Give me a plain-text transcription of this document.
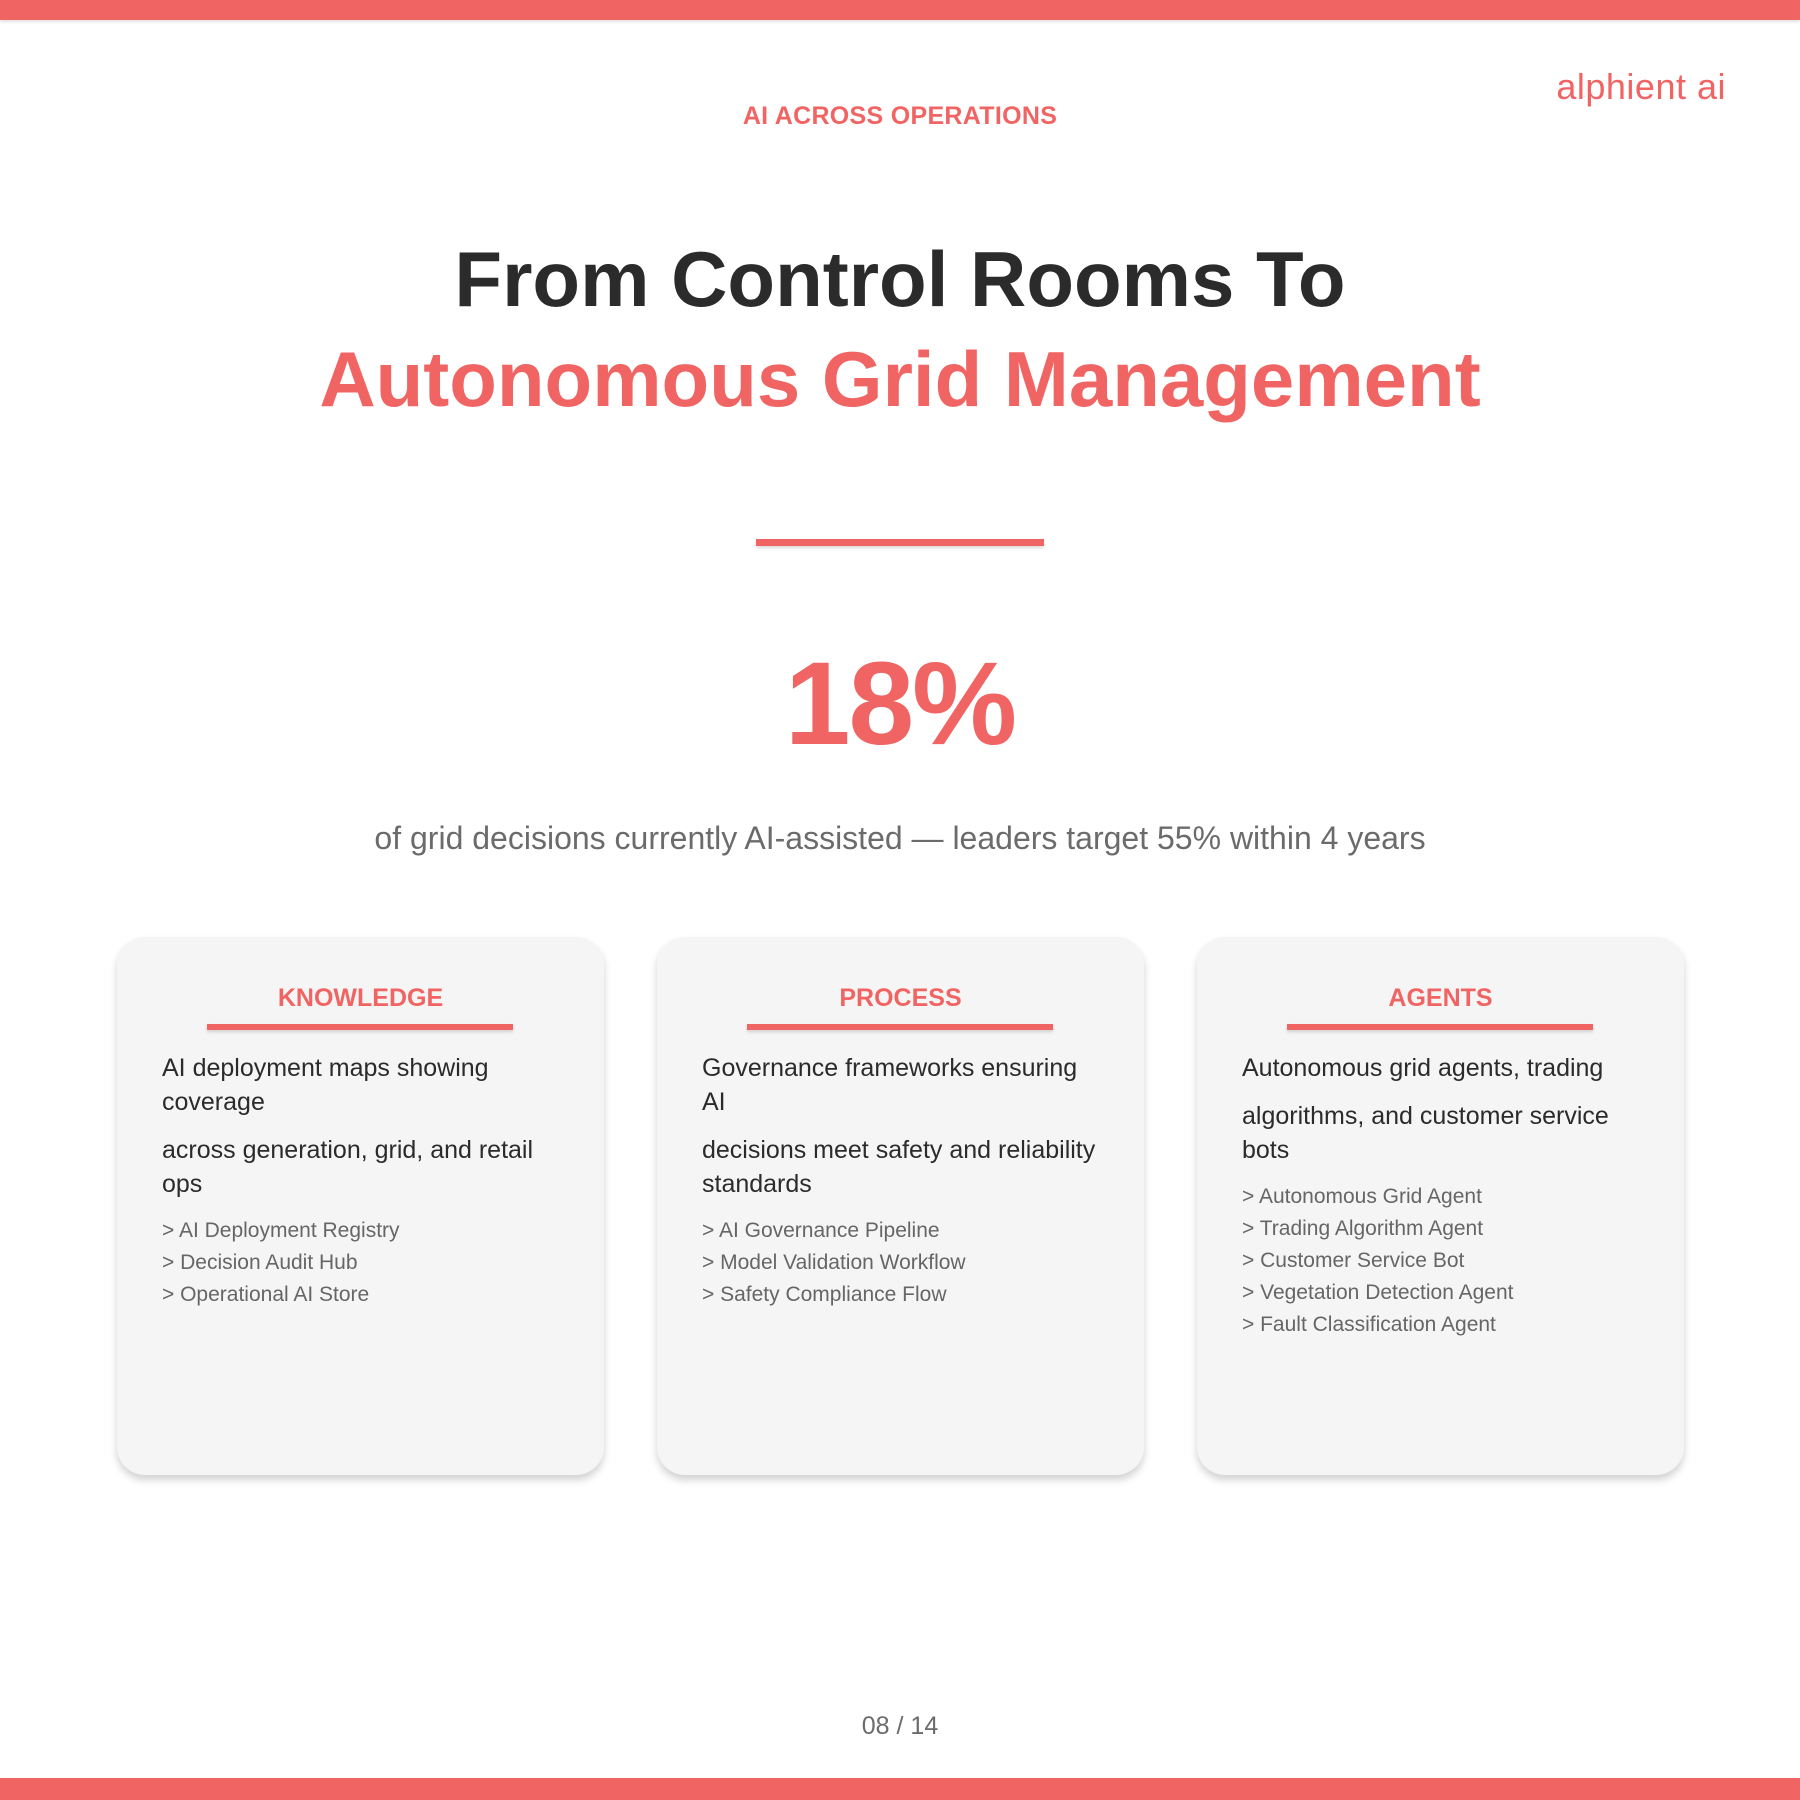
alphient ai
AI ACROSS OPERATIONS
From Control Rooms To
Autonomous Grid Management
18%
of grid decisions currently AI-assisted — leaders target 55% within 4 years
KNOWLEDGE

AI deployment maps showing coverage

across generation, grid, and retail ops

> AI Deployment Registry
> Decision Audit Hub
> Operational AI Store
PROCESS

Governance frameworks ensuring AI

decisions meet safety and reliability standards

> AI Governance Pipeline
> Model Validation Workflow
> Safety Compliance Flow
AGENTS

Autonomous grid agents, trading

algorithms, and customer service bots

> Autonomous Grid Agent
> Trading Algorithm Agent
> Customer Service Bot
> Vegetation Detection Agent
> Fault Classification Agent
08 / 14
